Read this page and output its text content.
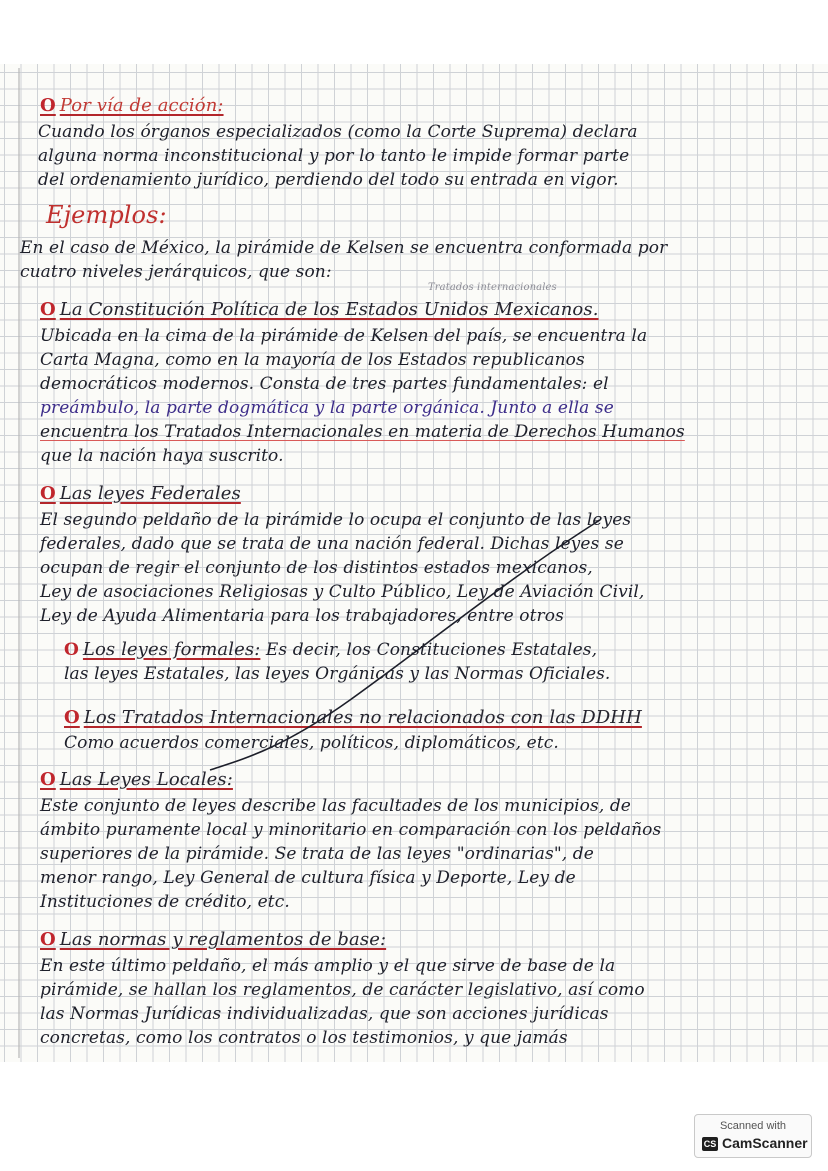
O Por vía de acción:
Cuando los órganos especializados (como la Corte Suprema) declara
alguna norma inconstitucional y por lo tanto le impide formar parte
del ordenamiento jurídico, perdiendo del todo su entrada en vigor.
Ejemplos:
En el caso de México, la pirámide de Kelsen se encuentra conformada por
cuatro niveles jerárquicos, que son:
Tratados internacionales
O La Constitución Política de los Estados Unidos Mexicanos.
Ubicada en la cima de la pirámide de Kelsen del país, se encuentra la
Carta Magna, como en la mayoría de los Estados republicanos
democráticos modernos. Consta de tres partes fundamentales: el
preámbulo, la parte dogmática y la parte orgánica. Junto a ella se
encuentra los Tratados Internacionales en materia de Derechos Humanos
que la nación haya suscrito.
O Las leyes Federales
El segundo peldaño de la pirámide lo ocupa el conjunto de las leyes
federales, dado que se trata de una nación federal. Dichas leyes se
ocupan de regir el conjunto de los distintos estados mexicanos,
Ley de asociaciones Religiosas y Culto Público, Ley de Aviación Civil,
Ley de Ayuda Alimentaria para los trabajadores, entre otros
O Los leyes formales: Es decir, los Constituciones Estatales,
las leyes Estatales, las leyes Orgánicas y las Normas Oficiales.
O Los Tratados Internacionales no relacionados con las DDHH
Como acuerdos comerciales, políticos, diplomáticos, etc.
O Las Leyes Locales:
Este conjunto de leyes describe las facultades de los municipios, de
ámbito puramente local y minoritario en comparación con los peldaños
superiores de la pirámide. Se trata de las leyes "ordinarias", de
menor rango, Ley General de cultura física y Deporte, Ley de
Instituciones de crédito, etc.
O Las normas y reglamentos de base:
En este último peldaño, el más amplio y el que sirve de base de la
pirámide, se hallan los reglamentos, de carácter legislativo, así como
las Normas Jurídicas individualizadas, que son acciones jurídicas
concretas, como los contratos o los testimonios, y que jamás
Scanned with
CS CamScanner
